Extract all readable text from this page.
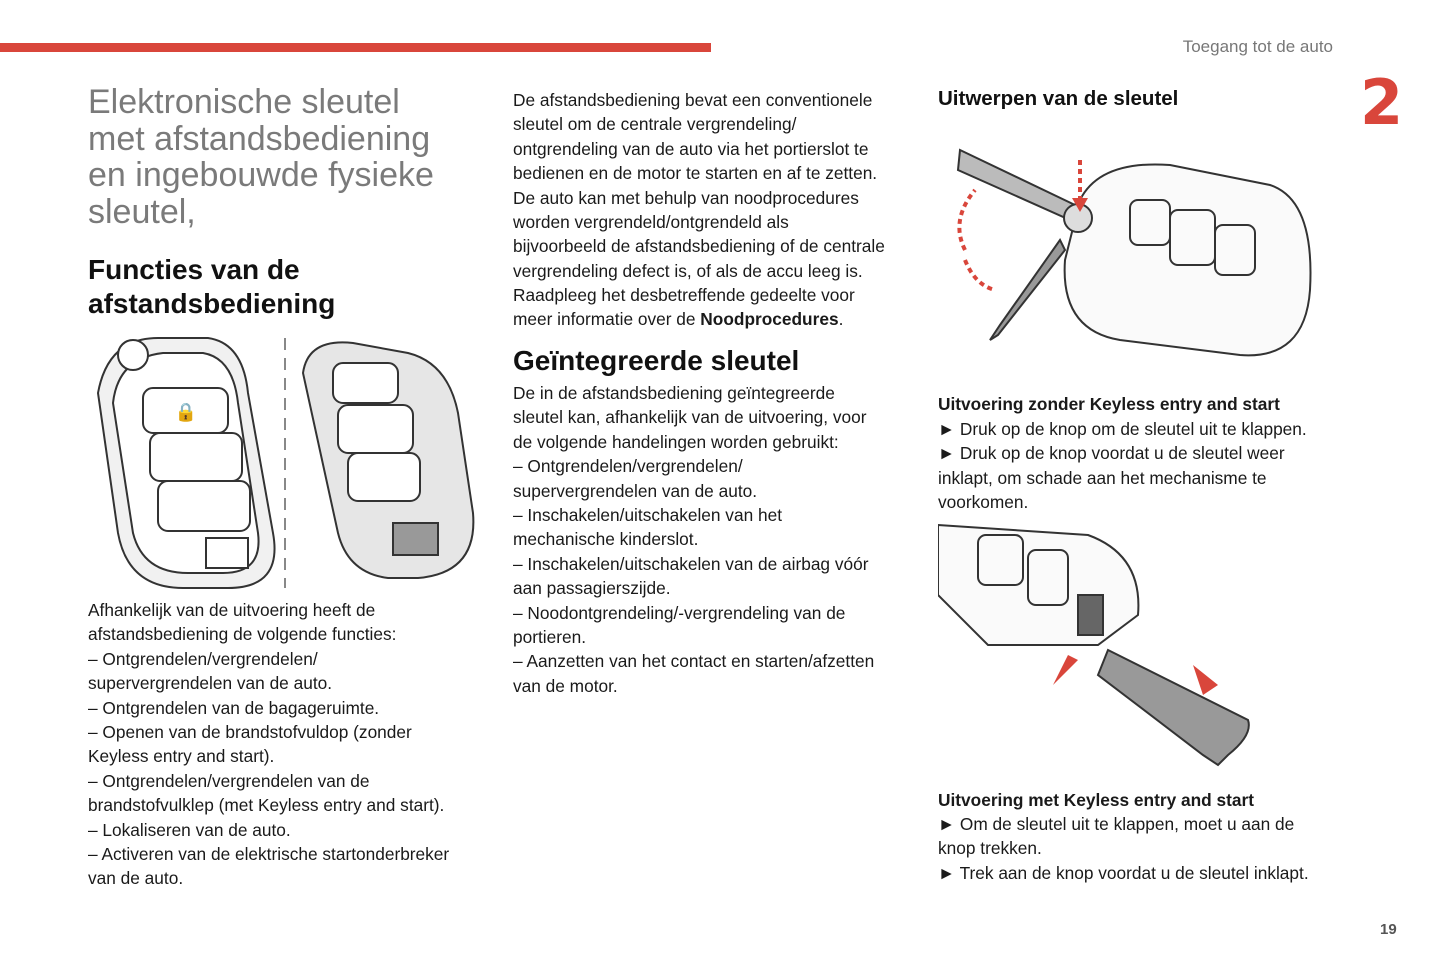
Toegang tot de auto
2
19
Elektronische sleutel
met afstandsbediening
en ingebouwde fysieke
sleutel,
Functies van de
afstandsbediening
🔒
Afhankelijk van de uitvoering heeft de
afstandsbediening de volgende functies:
– Ontgrendelen/vergrendelen/
supervergrendelen van de auto.
– Ontgrendelen van de bagageruimte.
– Openen van de brandstofvuldop (zonder
Keyless entry and start).
– Ontgrendelen/vergrendelen van de
brandstofvulklep (met Keyless entry and start).
– Lokaliseren van de auto.
– Activeren van de elektrische startonderbreker
van de auto.
De afstandsbediening bevat een conventionele
sleutel om de centrale vergrendeling/
ontgrendeling van de auto via het portierslot te
bedienen en de motor te starten en af te zetten.
De auto kan met behulp van noodprocedures
worden vergrendeld/ontgrendeld als
bijvoorbeeld de afstandsbediening of de centrale
vergrendeling defect is, of als de accu leeg is.
Raadpleeg het desbetreffende gedeelte voor
meer informatie over de Noodprocedures.
Geïntegreerde sleutel
De in de afstandsbediening geïntegreerde
sleutel kan, afhankelijk van de uitvoering, voor
de volgende handelingen worden gebruikt:
– Ontgrendelen/vergrendelen/
supervergrendelen van de auto.
– Inschakelen/uitschakelen van het
mechanische kinderslot.
– Inschakelen/uitschakelen van de airbag vóór
aan passagierszijde.
– Noodontgrendeling/-vergrendeling van de
portieren.
– Aanzetten van het contact en starten/afzetten
van de motor.
Uitwerpen van de sleutel
Uitvoering zonder Keyless entry and start
► Druk op de knop om de sleutel uit te klappen.
► Druk op de knop voordat u de sleutel weer
inklapt, om schade aan het mechanisme te
voorkomen.
Uitvoering met Keyless entry and start
► Om de sleutel uit te klappen, moet u aan de
knop trekken.
► Trek aan de knop voordat u de sleutel inklapt.
